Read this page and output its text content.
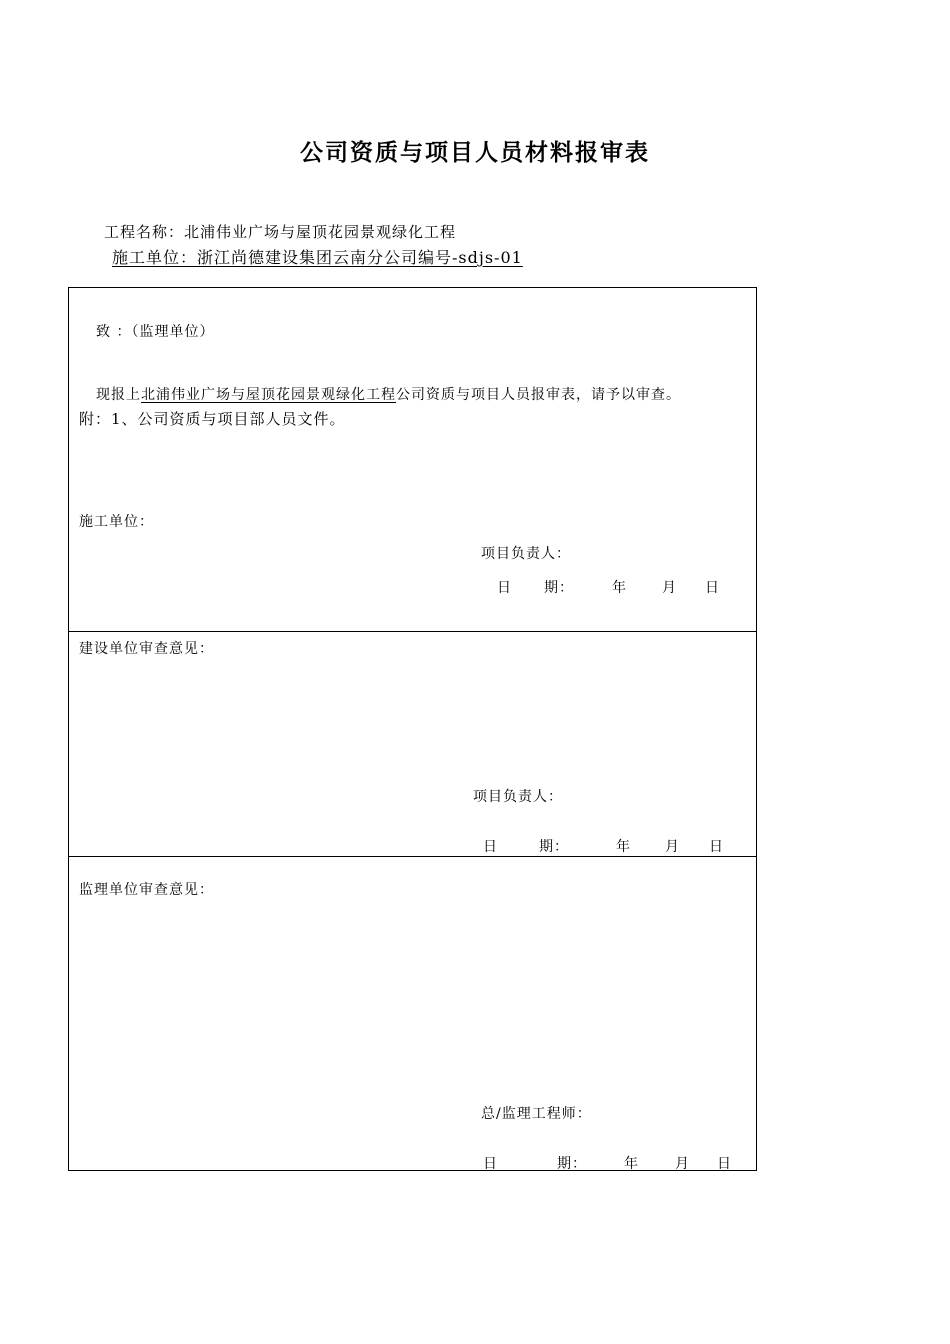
公司资质与项目人员材料报审表
工程名称：北浦伟业广场与屋顶花园景观绿化工程
施工单位：浙江尚德建设集团云南分公司编号-sdjs-01
致 ：（监理单位）
现报上北浦伟业广场与屋顶花园景观绿化工程公司资质与项目人员报审表，请予以审查。
附：1、公司资质与项目部人员文件。
施工单位：
项目负责人：
日 期：	年	月 日
建设单位审查意见：
项目负责人：
日	期：	年 月 日
监理单位审查意见：
总/监理工程师：
日	期：	年	月 日
